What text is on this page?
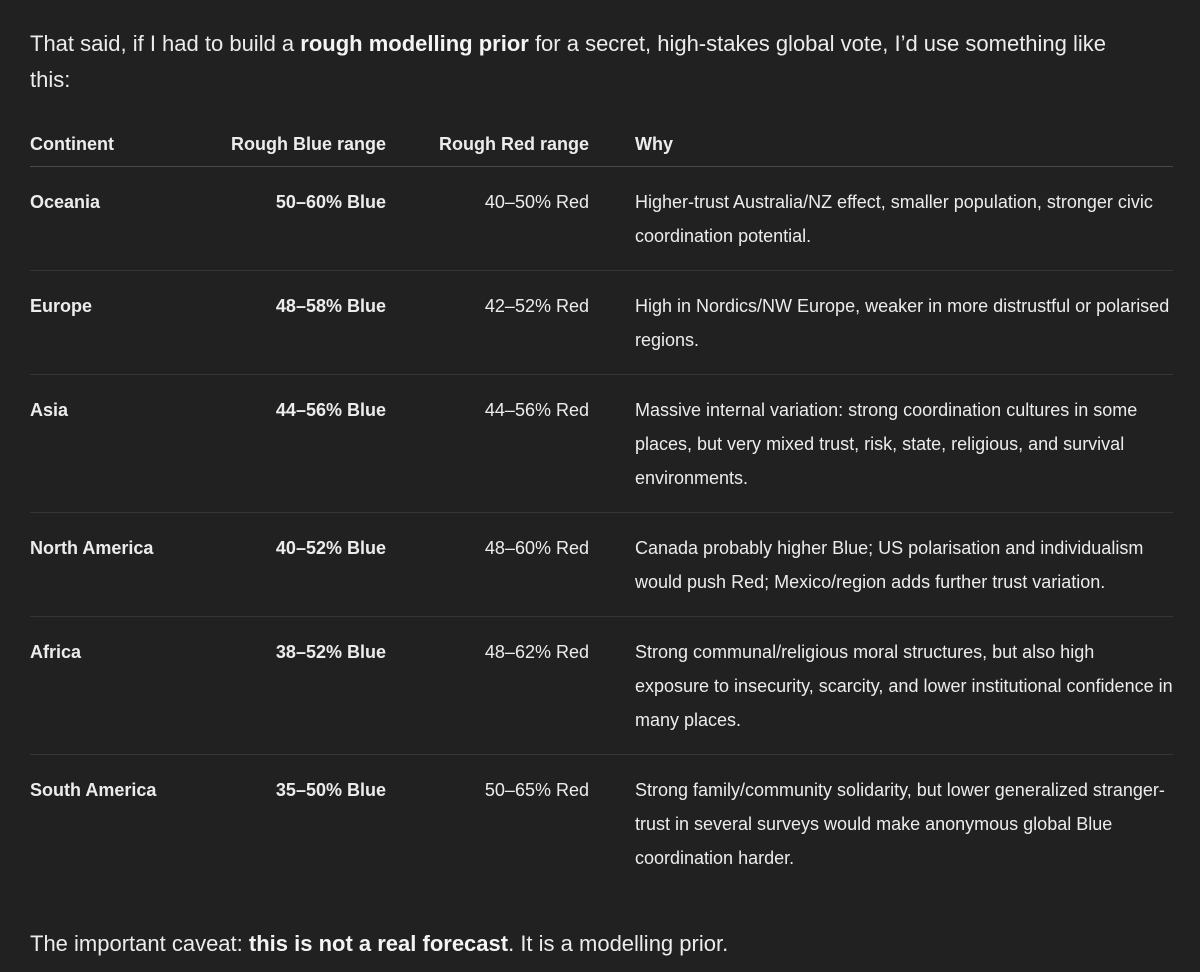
That said, if I had to build a rough modelling prior for a secret, high-stakes global vote, I’d use something like this:

Continent	Rough Blue range	Rough Red range		Why
Oceania	50–60% Blue	40–50% Red		Higher-trust Australia/NZ effect, smaller population, stronger civic coordination potential.
Europe	48–58% Blue	42–52% Red		High in Nordics/NW Europe, weaker in more distrustful or polarised regions.
Asia	44–56% Blue	44–56% Red		Massive internal variation: strong coordination cultures in some places, but very mixed trust, risk, state, religious, and survival environments.
North America	40–52% Blue	48–60% Red		Canada probably higher Blue; US polarisation and individualism would push Red; Mexico/region adds further trust variation.
Africa	38–52% Blue	48–62% Red		Strong communal/religious moral structures, but also high exposure to insecurity, scarcity, and lower institutional confidence in many places.
South America	35–50% Blue	50–65% Red		Strong family/community solidarity, but lower generalized stranger-trust in several surveys would make anonymous global Blue coordination harder.

The important caveat: this is not a real forecast. It is a modelling prior.
